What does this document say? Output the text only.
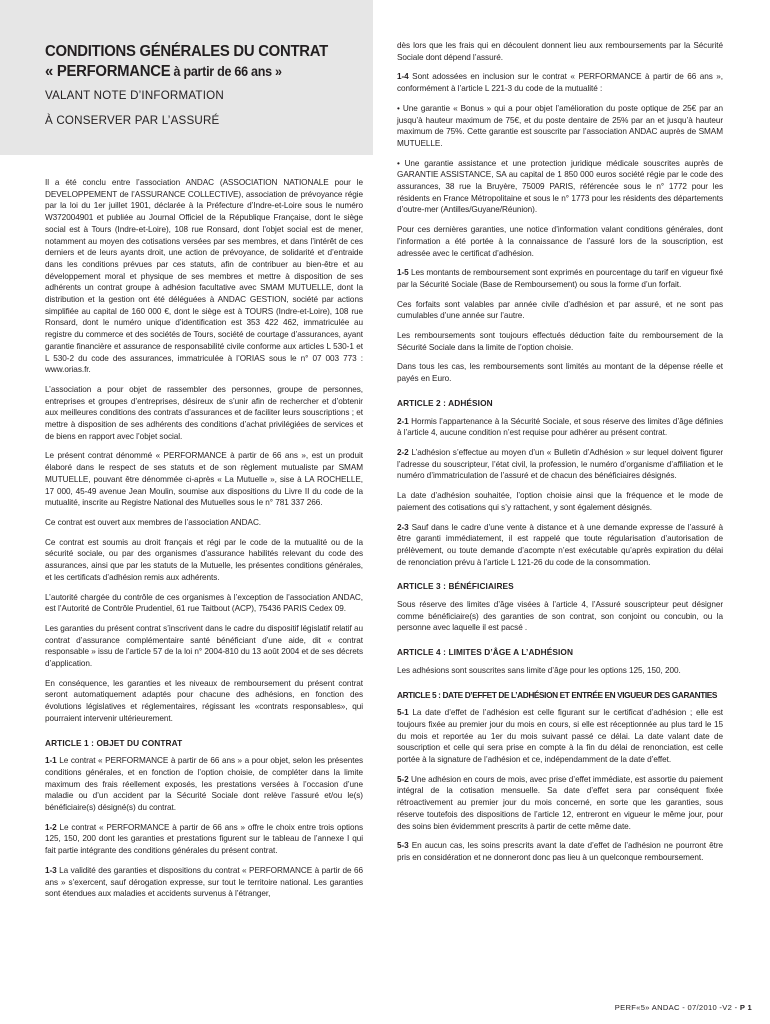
CONDITIONS GÉNÉRALES DU CONTRAT
« PERFORMANCE à partir de 66 ans »
VALANT NOTE D’INFORMATION
À CONSERVER PAR L’ASSURÉ

Il a été conclu entre l’association ANDAC (ASSOCIATION NATIONALE pour le DEVELOPPEMENT de l’ASSURANCE COLLECTIVE), association de prévoyance régie par la loi du 1er juillet 1901, déclarée à la Préfecture d’Indre-et-Loire sous le numéro W372004901 et publiée au Journal Officiel de la République Française, dont le siège social est à Tours (Indre-et-Loire), 108 rue Ronsard, dont l’objet social est de mener, notamment au moyen des cotisations versées par ses membres, et dans l’intérêt de ces derniers et de leurs ayants droit, une action de prévoyance, de solidarité et d’entraide dans les conditions prévues par ces statuts, afin de contribuer au bien-être et au développement moral et physique de ses membres et mettre à disposition de ses adhérents un contrat groupe à adhésion facultative avec SMAM MUTUELLE, dont la distribution et la gestion ont été déléguées à ANDAC GESTION, société par actions simplifiée au capital de 160 000 €, dont le siège est à TOURS (Indre-et-Loire), 108 rue Ronsard, dont le numéro unique d’identification est 353 422 462, immatriculée au registre du commerce et des sociétés de Tours, société de courtage d’assurances, ayant garantie financière et assurance de responsabilité civile conforme aux articles L 530-1 et L 530-2 du code des assurances, immatriculée à l’ORIAS sous le n° 07 003 773 : www.orias.fr.

L’association a pour objet de rassembler des personnes, groupe de personnes, entreprises et groupes d’entreprises, désireux de s’unir afin de rechercher et d’obtenir aux meilleures conditions des contrats d’assurances et de faciliter leurs souscriptions ; et mettre à disposition de ses adhérents des conditions d’achat privilégiées de services et de biens en rapport avec l’objet social.

Le présent contrat dénommé « PERFORMANCE à partir de 66 ans », est un produit élaboré dans le respect de ses statuts et de son règlement mutualiste par SMAM MUTUELLE, pouvant être dénommée ci-après « La Mutuelle », sise à LA ROCHELLE, 17 000, 45-49 avenue Jean Moulin, soumise aux dispositions du Livre II du code de la mutualité, inscrite au Registre National des Mutuelles sous le n° 781 337 266.

Ce contrat est ouvert aux membres de l’association ANDAC.

Ce contrat est soumis au droit français et régi par le code de la mutualité ou de la sécurité sociale, ou par des organismes d’assurance habilités relevant du code des assurances, ainsi que par les statuts de la Mutuelle, les présentes conditions générales, et les certificats d’adhésion remis aux adhérents.

L’autorité chargée du contrôle de ces organismes à l’exception de l’association ANDAC, est l’Autorité de Contrôle Prudentiel, 61 rue Taitbout (ACP), 75436 PARIS Cedex 09.

Les garanties du présent contrat s’inscrivent dans le cadre du dispositif législatif relatif au contrat d’assurance complémentaire santé bénéficiant d’une aide, dit « contrat responsable » issu de l’article 57 de la loi n° 2004-810 du 13 août 2004 et de ses décrets d’application.

En conséquence, les garanties et les niveaux de remboursement du présent contrat seront automatiquement adaptés pour chacune des adhésions, en fonction des évolutions législatives et réglementaires, régissant les «contrats responsables», qui pourraient intervenir ultérieurement.

ARTICLE 1 : OBJET DU CONTRAT

1-1 Le contrat « PERFORMANCE à partir de 66 ans » a pour objet, selon les présentes conditions générales, et en fonction de l’option choisie, de compléter dans la limite maximum des frais réellement exposés, les prestations versées à l’occasion d’une maladie ou d’un accident par la Sécurité Sociale dont relève l’assuré et/ou le(s) bénéficiaire(s) désigné(s) du contrat.

1-2 Le contrat « PERFORMANCE à partir de 66 ans » offre le choix entre trois options 125, 150, 200 dont les garanties et prestations figurent sur le tableau de l’annexe I qui fait partie intégrante des conditions générales du présent contrat.

1-3 La validité des garanties et dispositions du contrat « PERFORMANCE à partir de 66 ans » s’exercent, sauf dérogation expresse, sur tout le territoire national. Les garanties sont étendues aux maladies et accidents survenus à l’étranger,

dès lors que les frais qui en découlent donnent lieu aux remboursements par la Sécurité Sociale dont dépend l’assuré.

1-4 Sont adossées en inclusion sur le contrat « PERFORMANCE à partir de 66 ans », conformément à l’article L 221-3 du code de la mutualité :

• Une garantie « Bonus » qui a pour objet l’amélioration du poste optique de 25€ par an jusqu’à hauteur maximum de 75€, et du poste dentaire de 25% par an et jusqu’à hauteur maximum de 75%. Cette garantie est souscrite par l’association ANDAC auprès de SMAM MUTUELLE.

• Une garantie assistance et une protection juridique médicale souscrites auprès de GARANTIE ASSISTANCE, SA au capital de 1 850 000 euros société régie par le code des assurances, 38 rue la Bruyère, 75009 PARIS, référencée sous le n° 1772 pour les résidents en France Métropolitaine et sous le n° 1773 pour les résidents des départements d’outre-mer (Antilles/Guyane/Réunion).

Pour ces dernières garanties, une notice d’information valant conditions générales, dont l’information a été portée à la connaissance de l’assuré lors de la souscription, est adressée avec le certificat d’adhésion.

1-5 Les montants de remboursement sont exprimés en pourcentage du tarif en vigueur fixé par la Sécurité Sociale (Base de Remboursement) ou sous la forme d’un forfait.

Ces forfaits sont valables par année civile d’adhésion et par assuré, et ne sont pas cumulables d’une année sur l’autre.

Les remboursements sont toujours effectués déduction faite du remboursement de la Sécurité Sociale dans la limite de l’option choisie.

Dans tous les cas, les remboursements sont limités au montant de la dépense réelle et payés en Euro.

ARTICLE 2 : ADHÉSION

2-1 Hormis l’appartenance à la Sécurité Sociale, et sous réserve des limites d’âge définies à l’article 4, aucune condition n’est requise pour adhérer au présent contrat.

2-2 L’adhésion s’effectue au moyen d’un « Bulletin d’Adhésion » sur lequel doivent figurer l’adresse du souscripteur, l’état civil, la profession, le numéro d’organisme d’affiliation et le numéro d’immatriculation de l’assuré et de chacun des bénéficiaires désignés.

La date d’adhésion souhaitée, l’option choisie ainsi que la fréquence et le mode de paiement des cotisations qui s’y rattachent, y sont également désignés.

2-3 Sauf dans le cadre d’une vente à distance et à une demande expresse de l’assuré à être garanti immédiatement, il est rappelé que toute régularisation d’autorisation de prélèvement, ou toute demande d’acompte n’est exécutable qu’après expiration du délai de renonciation prévu à l’article L 121-26 du code de la consommation.

ARTICLE 3 : BÉNÉFICIAIRES

Sous réserve des limites d’âge visées à l’article 4, l’Assuré souscripteur peut désigner comme bénéficiaire(s) des garanties de son contrat, son conjoint ou concubin, ou la personne avec laquelle il est pacsé .

ARTICLE 4 : LIMITES D’ÂGE A L’ADHÉSION

Les adhésions sont souscrites sans limite d’âge pour les options 125, 150, 200.

ARTICLE 5 : DATE D’EFFET DE L’ADHÉSION ET ENTRÉE EN VIGUEUR DES GARANTIES

5-1 La date d’effet de l’adhésion est celle figurant sur le certificat d’adhésion ; elle est toujours fixée au premier jour du mois en cours, si elle est réceptionnée au plus tard le 15 du mois et reportée au 1er du mois suivant passé ce délai. La date valant date de souscription et celle qui sera prise en compte à la fin du délai de renonciation, est celle portée à la signature de l’adhésion et ce, indépendamment de la date d’effet.

5-2 Une adhésion en cours de mois, avec prise d’effet immédiate, est assortie du paiement intégral de la cotisation mensuelle. Sa date d’effet sera par conséquent fixée rétroactivement au premier jour du mois concerné, en sorte que les garanties, sous réserve toutefois des dispositions de l’article 12, entreront en vigueur le même jour, pour des soins bien évidemment prescrits à partir de cette même date.

5-3 En aucun cas, les soins prescrits avant la date d’effet de l’adhésion ne pourront être pris en considération et ne donneront donc pas lieu à un quelconque remboursement.

PERF«5» ANDAC - 07/2010 -V2 - P 1
